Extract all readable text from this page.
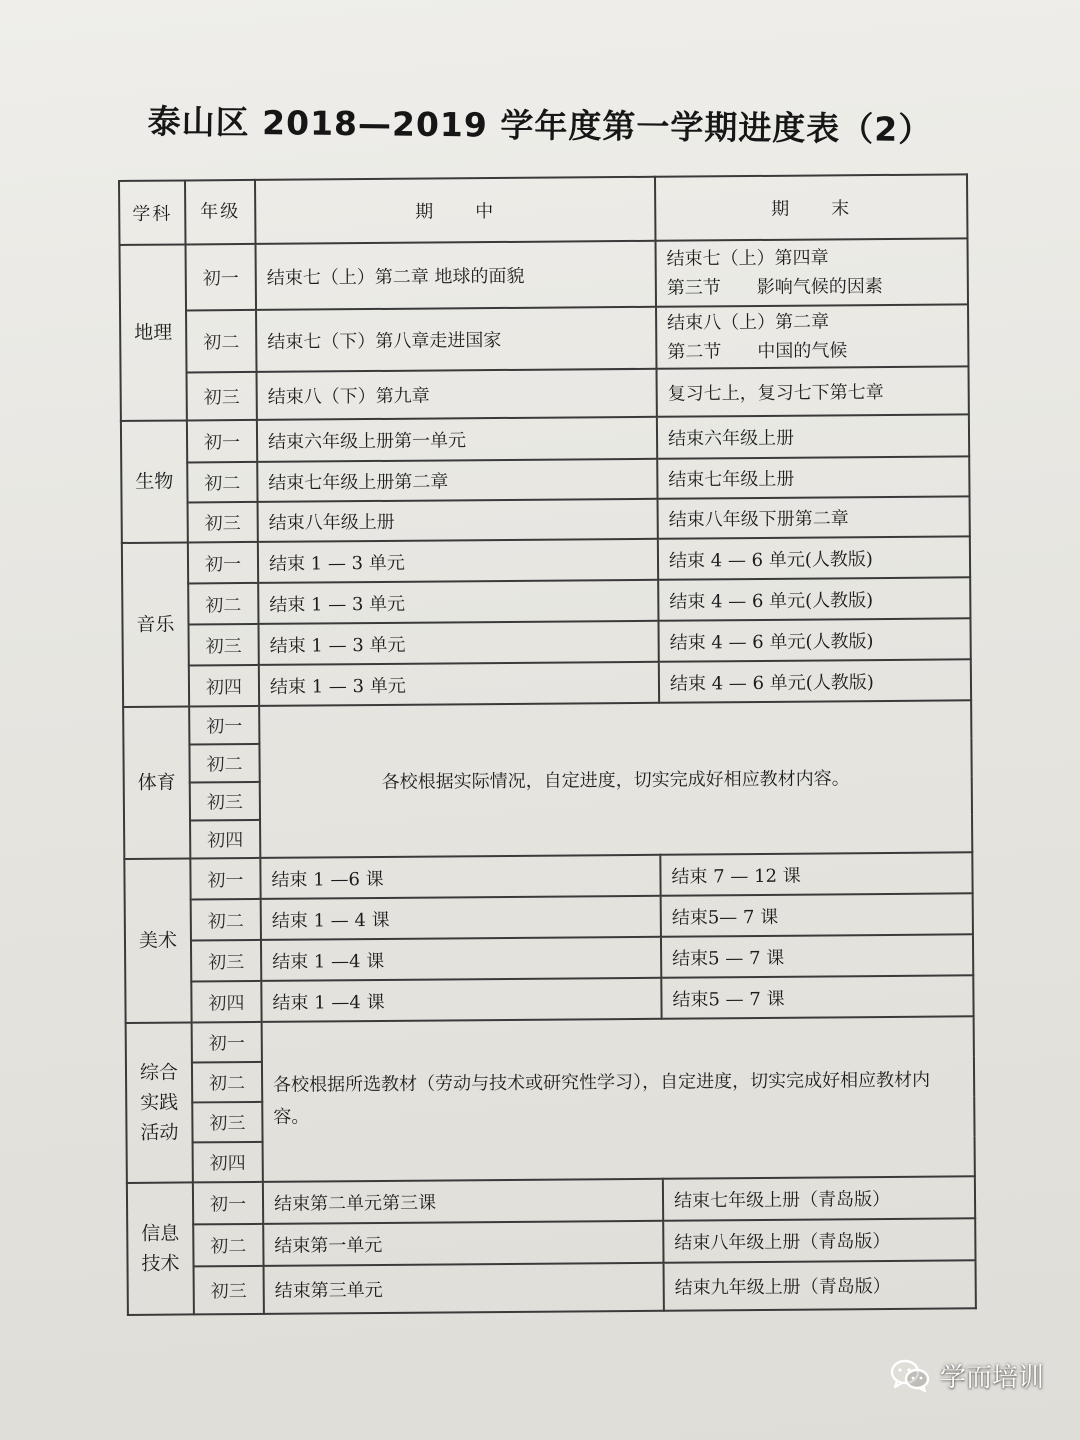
泰山区 2018—2019 学年度第一学期进度表（2）
学科	年级	期　　中	期　　末
地理	初一	结束七（上）第二章 地球的面貌	结束七（上）第四章
第三节　　影响气候的因素

	初二	结束七（下）第八章走进国家	结束八（上）第二章
第二节　　中国的气候

	初三	结束八（下）第九章	复习七上，复习七下第七章
生物	初一	结束六年级上册第一单元	结束六年级上册
	初二	结束七年级上册第二章	结束七年级上册
	初三	结束八年级上册	结束八年级下册第二章
音乐	初一	结束 1 — 3 单元	结束 4 — 6 单元(人教版)
	初二	结束 1 — 3 单元	结束 4 — 6 单元(人教版)
	初三	结束 1 — 3 单元	结束 4 — 6 单元(人教版)
	初四	结束 1 — 3 单元	结束 4 — 6 单元(人教版)
体育	初一	各校根据实际情况，自定进度，切实完成好相应教材内容。	
	初二		
	初三		
	初四		
美术	初一	结束 1 —6 课	结束 7 — 12 课
	初二	结束 1 — 4 课	结束5— 7 课
	初三	结束 1 —4 课	结束5 — 7 课
	初四	结束 1 —4 课	结束5 — 7 课

综合
实践
活动	初一	各校根据所选教材（劳动与技术或研究性学习），自定进度，切实完成好相应教材内容。	
	初二		
	初三		
	初四		

信息
技术	初一	结束第二单元第三课	结束七年级上册（青岛版）
	初二	结束第一单元	结束八年级上册（青岛版）
	初三	结束第三单元	结束九年级上册（青岛版）
学而培训
